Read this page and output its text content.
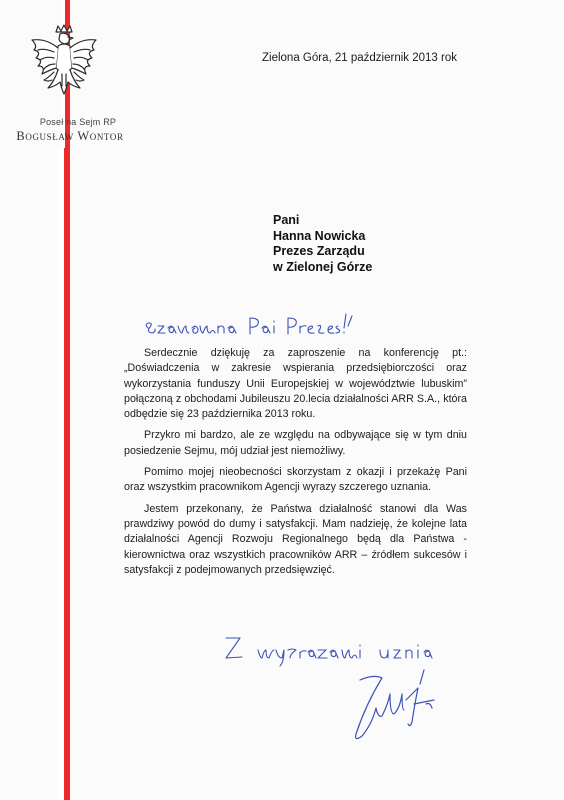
Poseł na Sejm RP
Bogusław Wontor
Zielona Góra, 21 październik 2013 rok
Pani
Hanna Nowicka
Prezes Zarządu
w Zielonej Górze

Serdecznie dziękuję za zaproszenie na konferencję pt.: „Doświadczenia w zakresie wspierania przedsiębiorczości oraz wykorzystania funduszy Unii Europejskiej w województwie lubuskim” połączoną z obchodami Jubileuszu 20.lecia działalności ARR S.A., która odbędzie się 23 października 2013 roku.

Przykro mi bardzo, ale ze względu na odbywające się w tym dniu posiedzenie Sejmu, mój udział jest niemożliwy.

Pomimo mojej nieobecności skorzystam z okazji i przekażę Pani oraz wszystkim pracownikom Agencji wyrazy szczerego uznania.

Jestem przekonany, że Państwa działalność stanowi dla Was prawdziwy powód do dumy i satysfakcji. Mam nadzieję, że kolejne lata działalności Agencji Rozwoju Regionalnego będą dla Państwa - kierownictwa oraz wszystkich pracowników ARR – źródłem sukcesów i satysfakcji z podejmowanych przedsięwzięć.
